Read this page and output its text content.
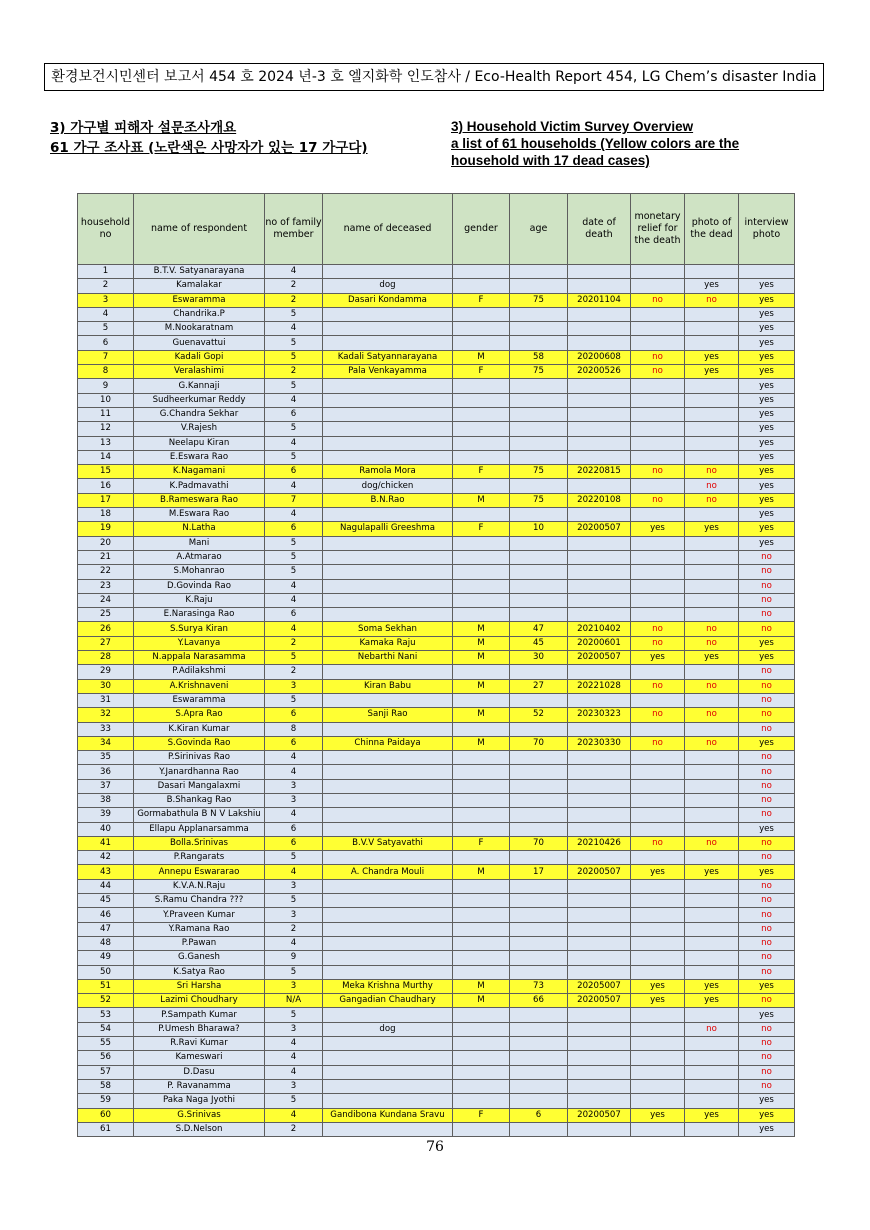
환경보건시민센터 보고서 454 호 2024 년-3 호 엘지화학 인도참사 / Eco-Health Report 454, LG Chem’s disaster India
3) 가구별 피해자 설문조사개요
61 가구 조사표 (노란색은 사망자가 있는 17 가구다)
3) Household Victim Survey Overview
a list of 61 households (Yellow colors are the
household with 17 dead cases)
household no	name of respondent	no of family member	name of deceased	gender	age	date of death	monetary relief for the death	photo of the dead	interview photo
1	B.T.V. Satyanarayana	4							
2	Kamalakar	2	dog					yes	yes
3	Eswaramma	2	Dasari Kondamma	F	75	20201104	no	no	yes
4	Chandrika.P	5							yes
5	M.Nookaratnam	4							yes
6	Guenavattui	5							yes
7	Kadali Gopi	5	Kadali Satyannarayana	M	58	20200608	no	yes	yes
8	Veralashimi	2	Pala Venkayamma	F	75	20200526	no	yes	yes
9	G.Kannaji	5							yes
10	Sudheerkumar Reddy	4							yes
11	G.Chandra Sekhar	6							yes
12	V.Rajesh	5							yes
13	Neelapu Kiran	4							yes
14	E.Eswara Rao	5							yes
15	K.Nagamani	6	Ramola Mora	F	75	20220815	no	no	yes
16	K.Padmavathi	4	dog/chicken					no	yes
17	B.Rameswara Rao	7	B.N.Rao	M	75	20220108	no	no	yes
18	M.Eswara Rao	4							yes
19	N.Latha	6	Nagulapalli Greeshma	F	10	20200507	yes	yes	yes
20	Mani	5							yes
21	A.Atmarao	5							no
22	S.Mohanrao	5							no
23	D.Govinda Rao	4							no
24	K.Raju	4							no
25	E.Narasinga Rao	6							no
26	S.Surya Kiran	4	Soma Sekhan	M	47	20210402	no	no	no
27	Y.Lavanya	2	Kamaka Raju	M	45	20200601	no	no	yes
28	N.appala Narasamma	5	Nebarthi Nani	M	30	20200507	yes	yes	yes
29	P.Adilakshmi	2							no
30	A.Krishnaveni	3	Kiran Babu	M	27	20221028	no	no	no
31	Eswaramma	5							no
32	S.Apra Rao	6	Sanji Rao	M	52	20230323	no	no	no
33	K.Kiran Kumar	8							no
34	S.Govinda Rao	6	Chinna Paidaya	M	70	20230330	no	no	yes
35	P.Sirinivas Rao	4							no
36	Y.Janardhanna Rao	4							no
37	Dasari Mangalaxmi	3							no
38	B.Shankag Rao	3							no
39	Gormabathula B N V Lakshiu	4							no
40	Ellapu Applanarsamma	6							yes
41	Bolla.Srinivas	6	B.V.V Satyavathi	F	70	20210426	no	no	no
42	P.Rangarats	5							no
43	Annepu Eswararao	4	A. Chandra Mouli	M	17	20200507	yes	yes	yes
44	K.V.A.N.Raju	3							no
45	S.Ramu Chandra ???	5							no
46	Y.Praveen Kumar	3							no
47	Y.Ramana Rao	2							no
48	P.Pawan	4							no
49	G.Ganesh	9							no
50	K.Satya Rao	5							no
51	Sri Harsha	3	Meka Krishna Murthy	M	73	20205007	yes	yes	yes
52	Lazimi Choudhary	N/A	Gangadian Chaudhary	M	66	20200507	yes	yes	no
53	P.Sampath Kumar	5							yes
54	P.Umesh Bharawa?	3	dog					no	no
55	R.Ravi Kumar	4							no
56	Kameswari	4							no
57	D.Dasu	4							no
58	P. Ravanamma	3							no
59	Paka Naga Jyothi	5							yes
60	G.Srinivas	4	Gandibona Kundana Sravu	F	6	20200507	yes	yes	yes
61	S.D.Nelson	2							yes
76
